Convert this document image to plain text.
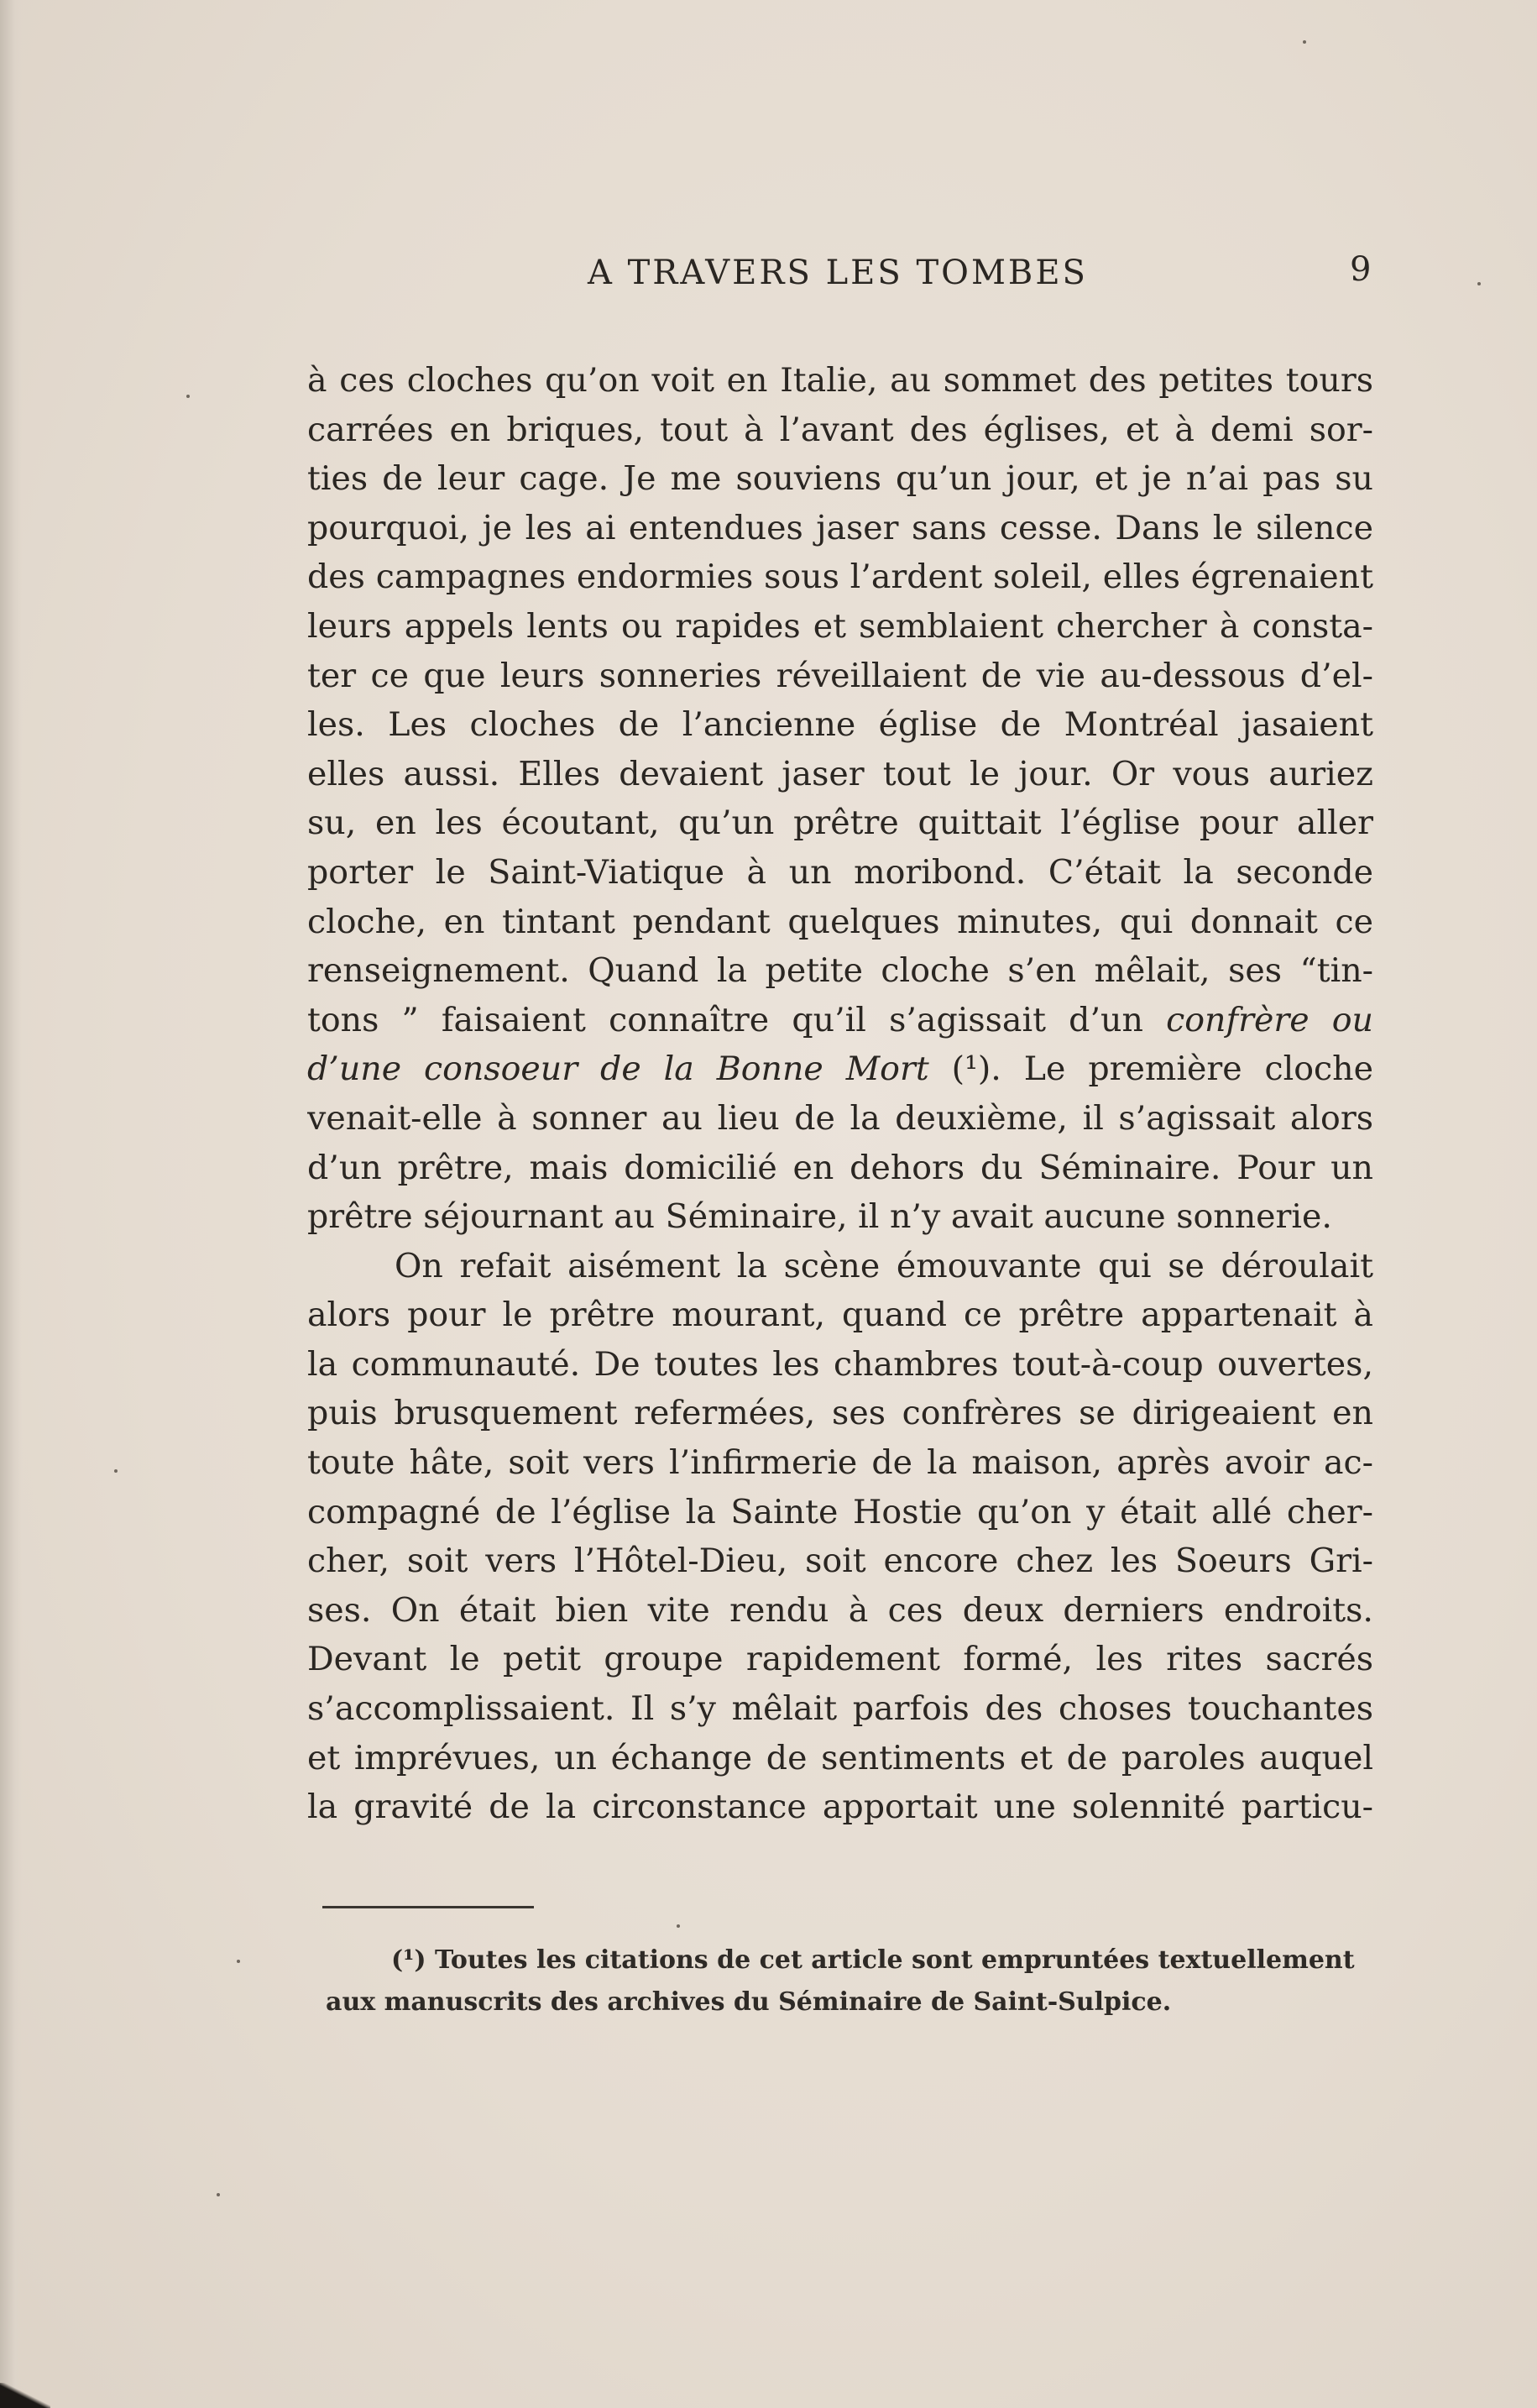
A TRAVERS LES TOMBES	9
à ces cloches qu’on voit en Italie, au sommet des petites tours
carrées en briques, tout à l’avant des églises, et à demi sor-
ties de leur cage. Je me souviens qu’un jour, et je n’ai pas su
pourquoi, je les ai entendues jaser sans cesse. Dans le silence
des campagnes endormies sous l’ardent soleil, elles égrenaient
leurs appels lents ou rapides et semblaient chercher à consta-
ter ce que leurs sonneries réveillaient de vie au-dessous d’el-
les. Les cloches de l’ancienne église de Montréal jasaient
elles aussi. Elles devaient jaser tout le jour. Or vous auriez
su, en les écoutant, qu’un prêtre quittait l’église pour aller
porter le Saint-Viatique à un moribond. C’était la seconde
cloche, en tintant pendant quelques minutes, qui donnait ce
renseignement. Quand la petite cloche s’en mêlait, ses “tin-
tons ” faisaient connaître qu’il s’agissait d’un confrère ou
d’une consoeur de la Bonne Mort (¹). Le première cloche
venait-elle à sonner au lieu de la deuxième, il s’agissait alors
d’un prêtre, mais domicilié en dehors du Séminaire. Pour un
prêtre séjournant au Séminaire, il n’y avait aucune sonnerie.
On refait aisément la scène émouvante qui se déroulait
alors pour le prêtre mourant, quand ce prêtre appartenait à
la communauté. De toutes les chambres tout-à-coup ouvertes,
puis brusquement refermées, ses confrères se dirigeaient en
toute hâte, soit vers l’infirmerie de la maison, après avoir ac-
compagné de l’église la Sainte Hostie qu’on y était allé cher-
cher, soit vers l’Hôtel-Dieu, soit encore chez les Soeurs Gri-
ses. On était bien vite rendu à ces deux derniers endroits.
Devant le petit groupe rapidement formé, les rites sacrés
s’accomplissaient. Il s’y mêlait parfois des choses touchantes
et imprévues, un échange de sentiments et de paroles auquel
la gravité de la circonstance apportait une solennité particu-
(¹) Toutes les citations de cet article sont empruntées textuellement
aux manuscrits des archives du Séminaire de Saint-Sulpice.
